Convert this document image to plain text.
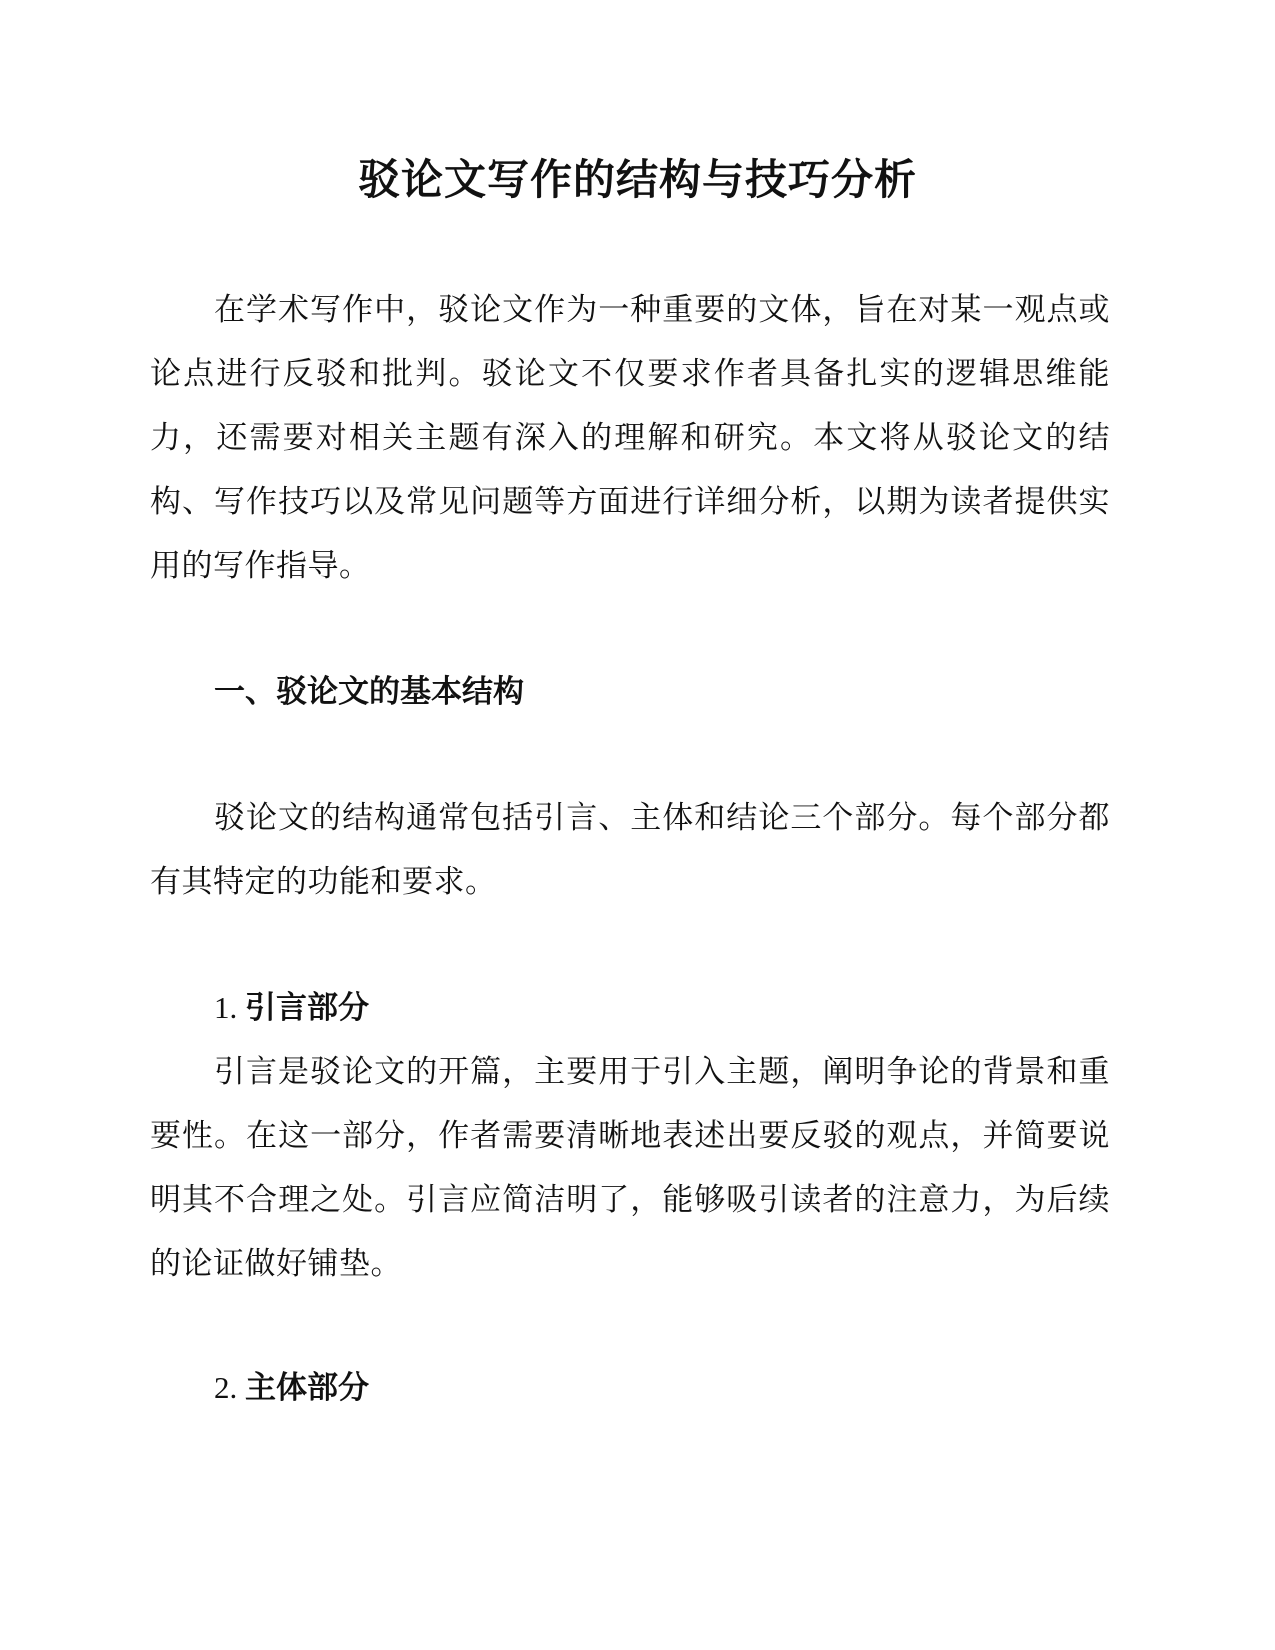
驳论文写作的结构与技巧分析

在学术写作中，驳论文作为一种重要的文体，旨在对某一观点或论点进行反驳和批判。驳论文不仅要求作者具备扎实的逻辑思维能力，还需要对相关主题有深入的理解和研究。本文将从驳论文的结构、写作技巧以及常见问题等方面进行详细分析，以期为读者提供实用的写作指导。

一、驳论文的基本结构

驳论文的结构通常包括引言、主体和结论三个部分。每个部分都有其特定的功能和要求。

1. 引言部分

引言是驳论文的开篇，主要用于引入主题，阐明争论的背景和重要性。在这一部分，作者需要清晰地表述出要反驳的观点，并简要说明其不合理之处。引言应简洁明了，能够吸引读者的注意力，为后续的论证做好铺垫。

2. 主体部分
